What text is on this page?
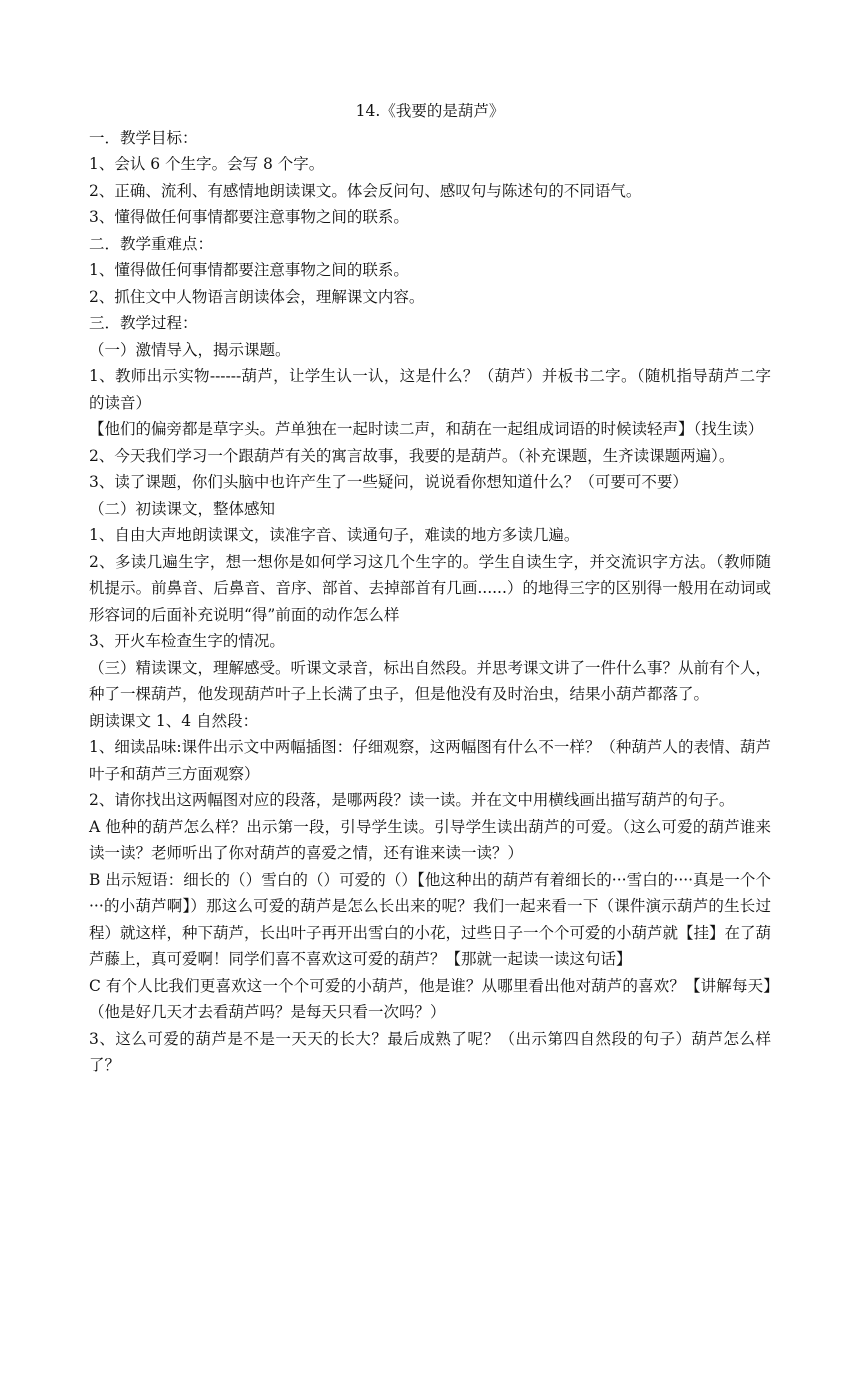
14.《我要的是葫芦》
一．教学目标：
1、会认 6 个生字。会写 8 个字。
2、正确、流利、有感情地朗读课文。体会反问句、感叹句与陈述句的不同语气。
3、懂得做任何事情都要注意事物之间的联系。
二．教学重难点：
1、懂得做任何事情都要注意事物之间的联系。
2、抓住文中人物语言朗读体会，理解课文内容。
三．教学过程：
（一）激情导入，揭示课题。
1、教师出示实物------葫芦，让学生认一认，这是什么？（葫芦）并板书二字。（随机指导葫芦二字的读音）
【他们的偏旁都是草字头。芦单独在一起时读二声，和葫在一起组成词语的时候读轻声】（找生读）
2、今天我们学习一个跟葫芦有关的寓言故事，我要的是葫芦。（补充课题，生齐读课题两遍）。
3、读了课题，你们头脑中也许产生了一些疑问，说说看你想知道什么？（可要可不要）
（二）初读课文，整体感知
1、自由大声地朗读课文，读准字音、读通句子，难读的地方多读几遍。
2、多读几遍生字，想一想你是如何学习这几个生字的。学生自读生字，并交流识字方法。（教师随机提示。前鼻音、后鼻音、音序、部首、去掉部首有几画......）的地得三字的区别得一般用在动词或形容词的后面补充说明“得”前面的动作怎么样
3、开火车检查生字的情况。
（三）精读课文，理解感受。听课文录音，标出自然段。并思考课文讲了一件什么事？从前有个人，种了一棵葫芦，他发现葫芦叶子上长满了虫子，但是他没有及时治虫，结果小葫芦都落了。
朗读课文 1、4 自然段：
1、细读品味:课件出示文中两幅插图：仔细观察，这两幅图有什么不一样？（种葫芦人的表情、葫芦叶子和葫芦三方面观察）
2、请你找出这两幅图对应的段落，是哪两段？读一读。并在文中用横线画出描写葫芦的句子。
A 他种的葫芦怎么样？出示第一段，引导学生读。引导学生读出葫芦的可爱。（这么可爱的葫芦谁来读一读？老师听出了你对葫芦的喜爱之情，还有谁来读一读？）
B 出示短语：细长的（）雪白的（）可爱的（）【他这种出的葫芦有着细长的···雪白的····真是一个个···的小葫芦啊】）那这么可爱的葫芦是怎么长出来的呢？我们一起来看一下（课件演示葫芦的生长过程）就这样，种下葫芦，长出叶子再开出雪白的小花，过些日子一个个可爱的小葫芦就【挂】在了葫芦藤上，真可爱啊！同学们喜不喜欢这可爱的葫芦？【那就一起读一读这句话】
C 有个人比我们更喜欢这一个个可爱的小葫芦，他是谁？从哪里看出他对葫芦的喜欢？【讲解每天】（他是好几天才去看葫芦吗？是每天只看一次吗？）
3、这么可爱的葫芦是不是一天天的长大？最后成熟了呢？（出示第四自然段的句子）葫芦怎么样了？
